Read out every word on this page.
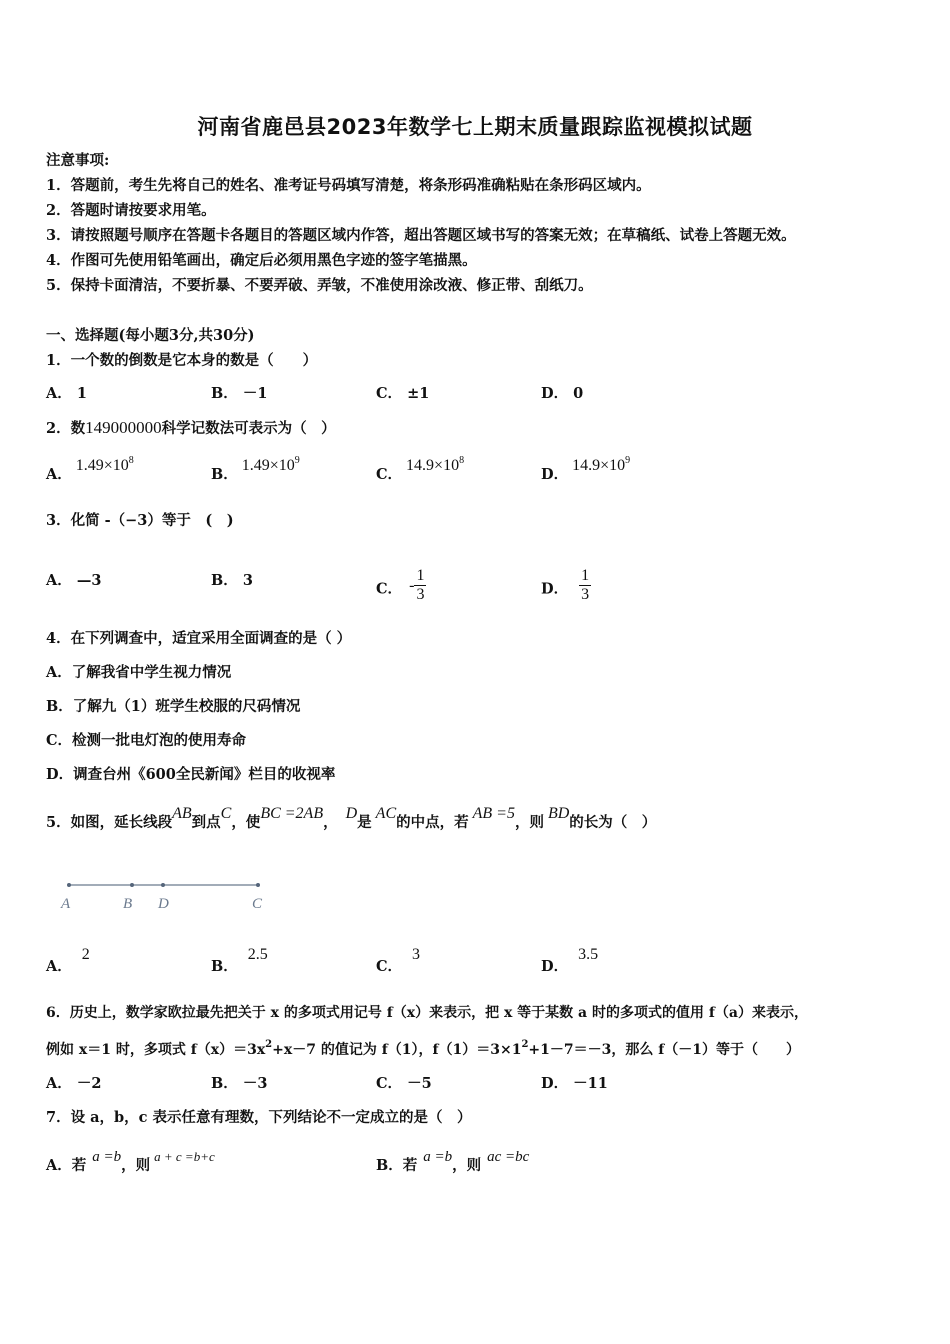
河南省鹿邑县2023年数学七上期末质量跟踪监视模拟试题
注意事项:
1．答题前，考生先将自己的姓名、准考证号码填写清楚，将条形码准确粘贴在条形码区域内。
2．答题时请按要求用笔。
3．请按照题号顺序在答题卡各题目的答题区域内作答，超出答题区域书写的答案无效；在草稿纸、试卷上答题无效。
4．作图可先使用铅笔画出，确定后必须用黑色字迹的签字笔描黑。
5．保持卡面清洁，不要折暴、不要弄破、弄皱，不准使用涂改液、修正带、刮纸刀。
一、选择题(每小题3分,共30分)
1．一个数的倒数是它本身的数是（　　）
A． 1	B． －1	C． ±1	D． 0
2．数149000000科学记数法可表示为（　）
A．$1.49\times 10^8$
B．$1.49\times 10^9$
C．$14.9\times 10^8$
D．$14.9\times 10^9$
3．化简 -（−3）等于　(　)
A． —3	B． 3	C． - $\frac{1}{3}$	D． $\frac{1}{3}$
4．在下列调查中，适宜采用全面调查的是（ ）
A．了解我省中学生视力情况
B．了解九（1）班学生校服的尺码情况
C．检测一批电灯泡的使用寿命
D．调查台州《600全民新闻》栏目的收视率
5．如图，延长线段AB到点C，使BC =2AB，D是AC的中点，若AB =5，则BD的长为（　）
A	B D	C
A．2
B．2.5
C．3
D．3.5
6．历史上，数学家欧拉最先把关于 x 的多项式用记号 f（x）来表示，把 x 等于某数 a 时的多项式的值用 f（a）来表示，
例如 x＝1 时，多项式 $f(x)=3x^2+x-7$ 的值记为 f（1），$f(1)=3\times 1^2+1-7=-3$，那么 f（－1）等于（　　）
A． －2	B． －3	C． －5	D． －11
7．设 a，b，c 表示任意有理数，下列结论不一定成立的是（　）
A．若 a =b，则a + c =b+c
B．若 a =b，则 ac =bc
